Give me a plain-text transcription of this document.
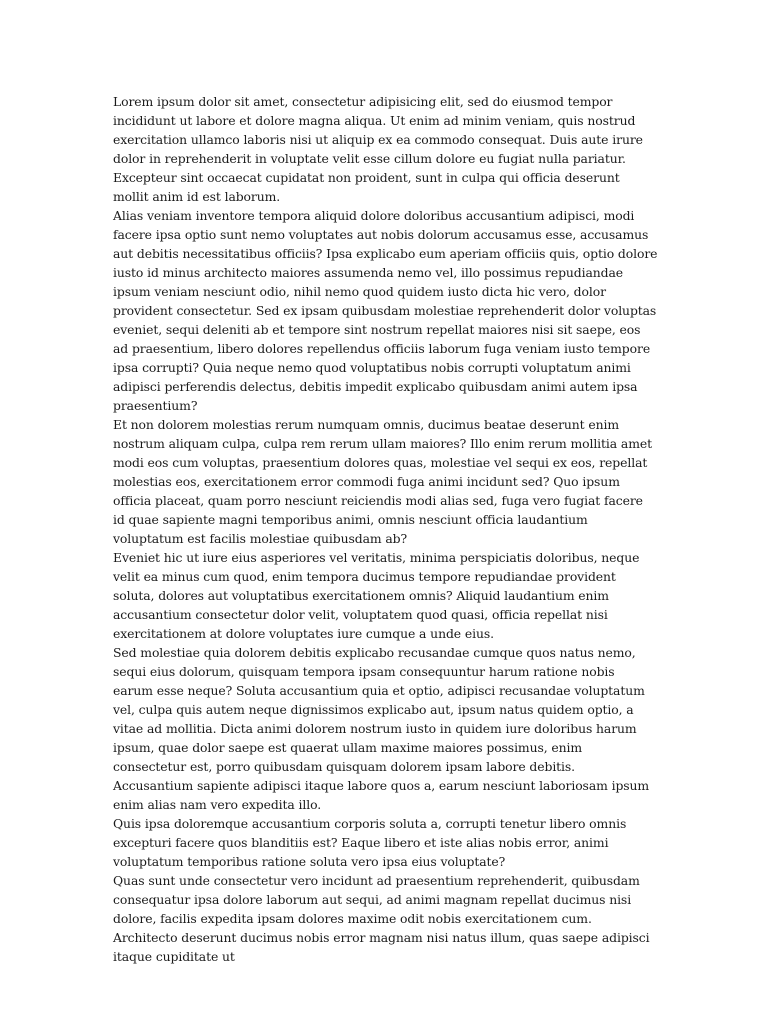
Lorem ipsum dolor sit amet, consectetur adipisicing elit, sed do eiusmod tempor incididunt ut labore et dolore magna aliqua. Ut enim ad minim veniam, quis nostrud exercitation ullamco laboris nisi ut aliquip ex ea commodo consequat. Duis aute irure dolor in reprehenderit in voluptate velit esse cillum dolore eu fugiat nulla pariatur. Excepteur sint occaecat cupidatat non proident, sunt in culpa qui officia deserunt mollit anim id est laborum.

Alias veniam inventore tempora aliquid dolore doloribus accusantium adipisci, modi facere ipsa optio sunt nemo voluptates aut nobis dolorum accusamus esse, accusamus aut debitis necessitatibus officiis? Ipsa explicabo eum aperiam officiis quis, optio dolore iusto id minus architecto maiores assumenda nemo vel, illo possimus repudiandae ipsum veniam nesciunt odio, nihil nemo quod quidem iusto dicta hic vero, dolor provident consectetur. Sed ex ipsam quibusdam molestiae reprehenderit dolor voluptas eveniet, sequi deleniti ab et tempore sint nostrum repellat maiores nisi sit saepe, eos ad praesentium, libero dolores repellendus officiis laborum fuga veniam iusto tempore ipsa corrupti? Quia neque nemo quod voluptatibus nobis corrupti voluptatum animi adipisci perferendis delectus, debitis impedit explicabo quibusdam animi autem ipsa praesentium?

Et non dolorem molestias rerum numquam omnis, ducimus beatae deserunt enim nostrum aliquam culpa, culpa rem rerum ullam maiores? Illo enim rerum mollitia amet modi eos cum voluptas, praesentium dolores quas, molestiae vel sequi ex eos, repellat molestias eos, exercitationem error commodi fuga animi incidunt sed? Quo ipsum officia placeat, quam porro nesciunt reiciendis modi alias sed, fuga vero fugiat facere id quae sapiente magni temporibus animi, omnis nesciunt officia laudantium voluptatum est facilis molestiae quibusdam ab?

Eveniet hic ut iure eius asperiores vel veritatis, minima perspiciatis doloribus, neque velit ea minus cum quod, enim tempora ducimus tempore repudiandae provident soluta, dolores aut voluptatibus exercitationem omnis? Aliquid laudantium enim accusantium consectetur dolor velit, voluptatem quod quasi, officia repellat nisi exercitationem at dolore voluptates iure cumque a unde eius.

Sed molestiae quia dolorem debitis explicabo recusandae cumque quos natus nemo, sequi eius dolorum, quisquam tempora ipsam consequuntur harum ratione nobis earum esse neque? Soluta accusantium quia et optio, adipisci recusandae voluptatum vel, culpa quis autem neque dignissimos explicabo aut, ipsum natus quidem optio, a vitae ad mollitia. Dicta animi dolorem nostrum iusto in quidem iure doloribus harum ipsum, quae dolor saepe est quaerat ullam maxime maiores possimus, enim consectetur est, porro quibusdam quisquam dolorem ipsam labore debitis. Accusantium sapiente adipisci itaque labore quos a, earum nesciunt laboriosam ipsum enim alias nam vero expedita illo.

Quis ipsa doloremque accusantium corporis soluta a, corrupti tenetur libero omnis excepturi facere quos blanditiis est? Eaque libero et iste alias nobis error, animi voluptatum temporibus ratione soluta vero ipsa eius voluptate?

Quas sunt unde consectetur vero incidunt ad praesentium reprehenderit, quibusdam consequatur ipsa dolore laborum aut sequi, ad animi magnam repellat ducimus nisi dolore, facilis expedita ipsam dolores maxime odit nobis exercitationem cum. Architecto deserunt ducimus nobis error magnam nisi natus illum, quas saepe adipisci itaque cupiditate ut
